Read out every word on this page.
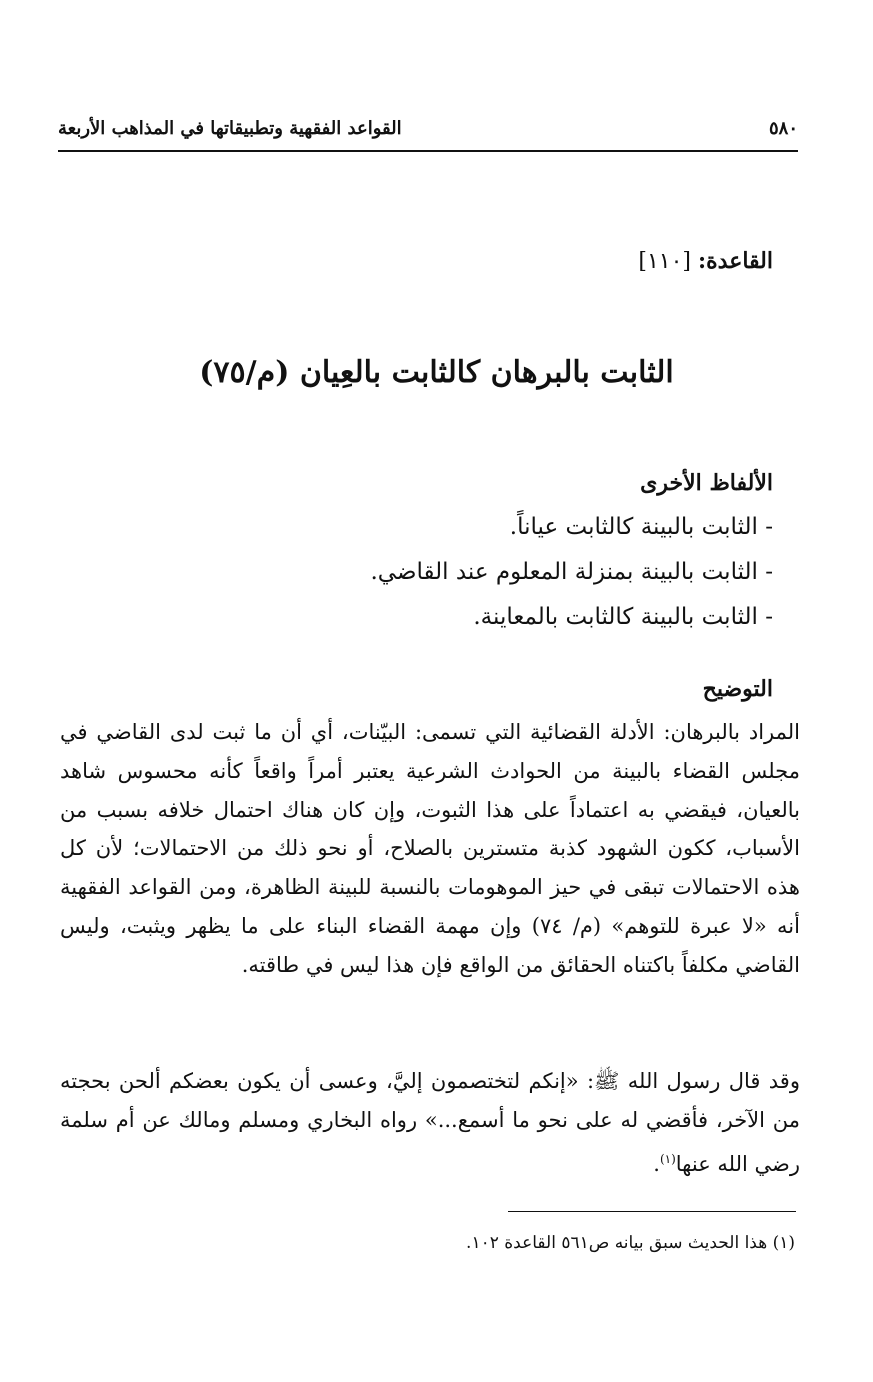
القواعد الفقهية وتطبيقاتها في المذاهب الأربعة	٥٨٠
القاعدة: [١١٠]
الثابت بالبرهان كالثابت بالعِيان (م/٧٥)
الألفاظ الأخرى
- الثابت بالبينة كالثابت عياناً.
- الثابت بالبينة بمنزلة المعلوم عند القاضي.
- الثابت بالبينة كالثابت بالمعاينة.
التوضيح

المراد بالبرهان: الأدلة القضائية التي تسمى: البيّنات، أي أن ما ثبت لدى القاضي في مجلس القضاء بالبينة من الحوادث الشرعية يعتبر أمراً واقعاً كأنه محسوس شاهد بالعيان، فيقضي به اعتماداً على هذا الثبوت، وإن كان هناك احتمال خلافه بسبب من الأسباب، ككون الشهود كذبة متسترين بالصلاح، أو نحو ذلك من الاحتمالات؛ لأن كل هذه الاحتمالات تبقى في حيز الموهومات بالنسبة للبينة الظاهرة، ومن القواعد الفقهية أنه «لا عبرة للتوهم» (م/ ٧٤) وإن مهمة القضاء البناء على ما يظهر ويثبت، وليس القاضي مكلفاً باكتناه الحقائق من الواقع فإن هذا ليس في طاقته.

وقد قال رسول الله ﷺ: «إنكم لتختصمون إليَّ، وعسى أن يكون بعضكم ألحن بحجته من الآخر، فأقضي له على نحو ما أسمع...» رواه البخاري ومسلم ومالك عن أم سلمة رضي الله عنها$^{(١)}$.

(١) هذا الحديث سبق بيانه ص٥٦١ القاعدة ١٠٢.
